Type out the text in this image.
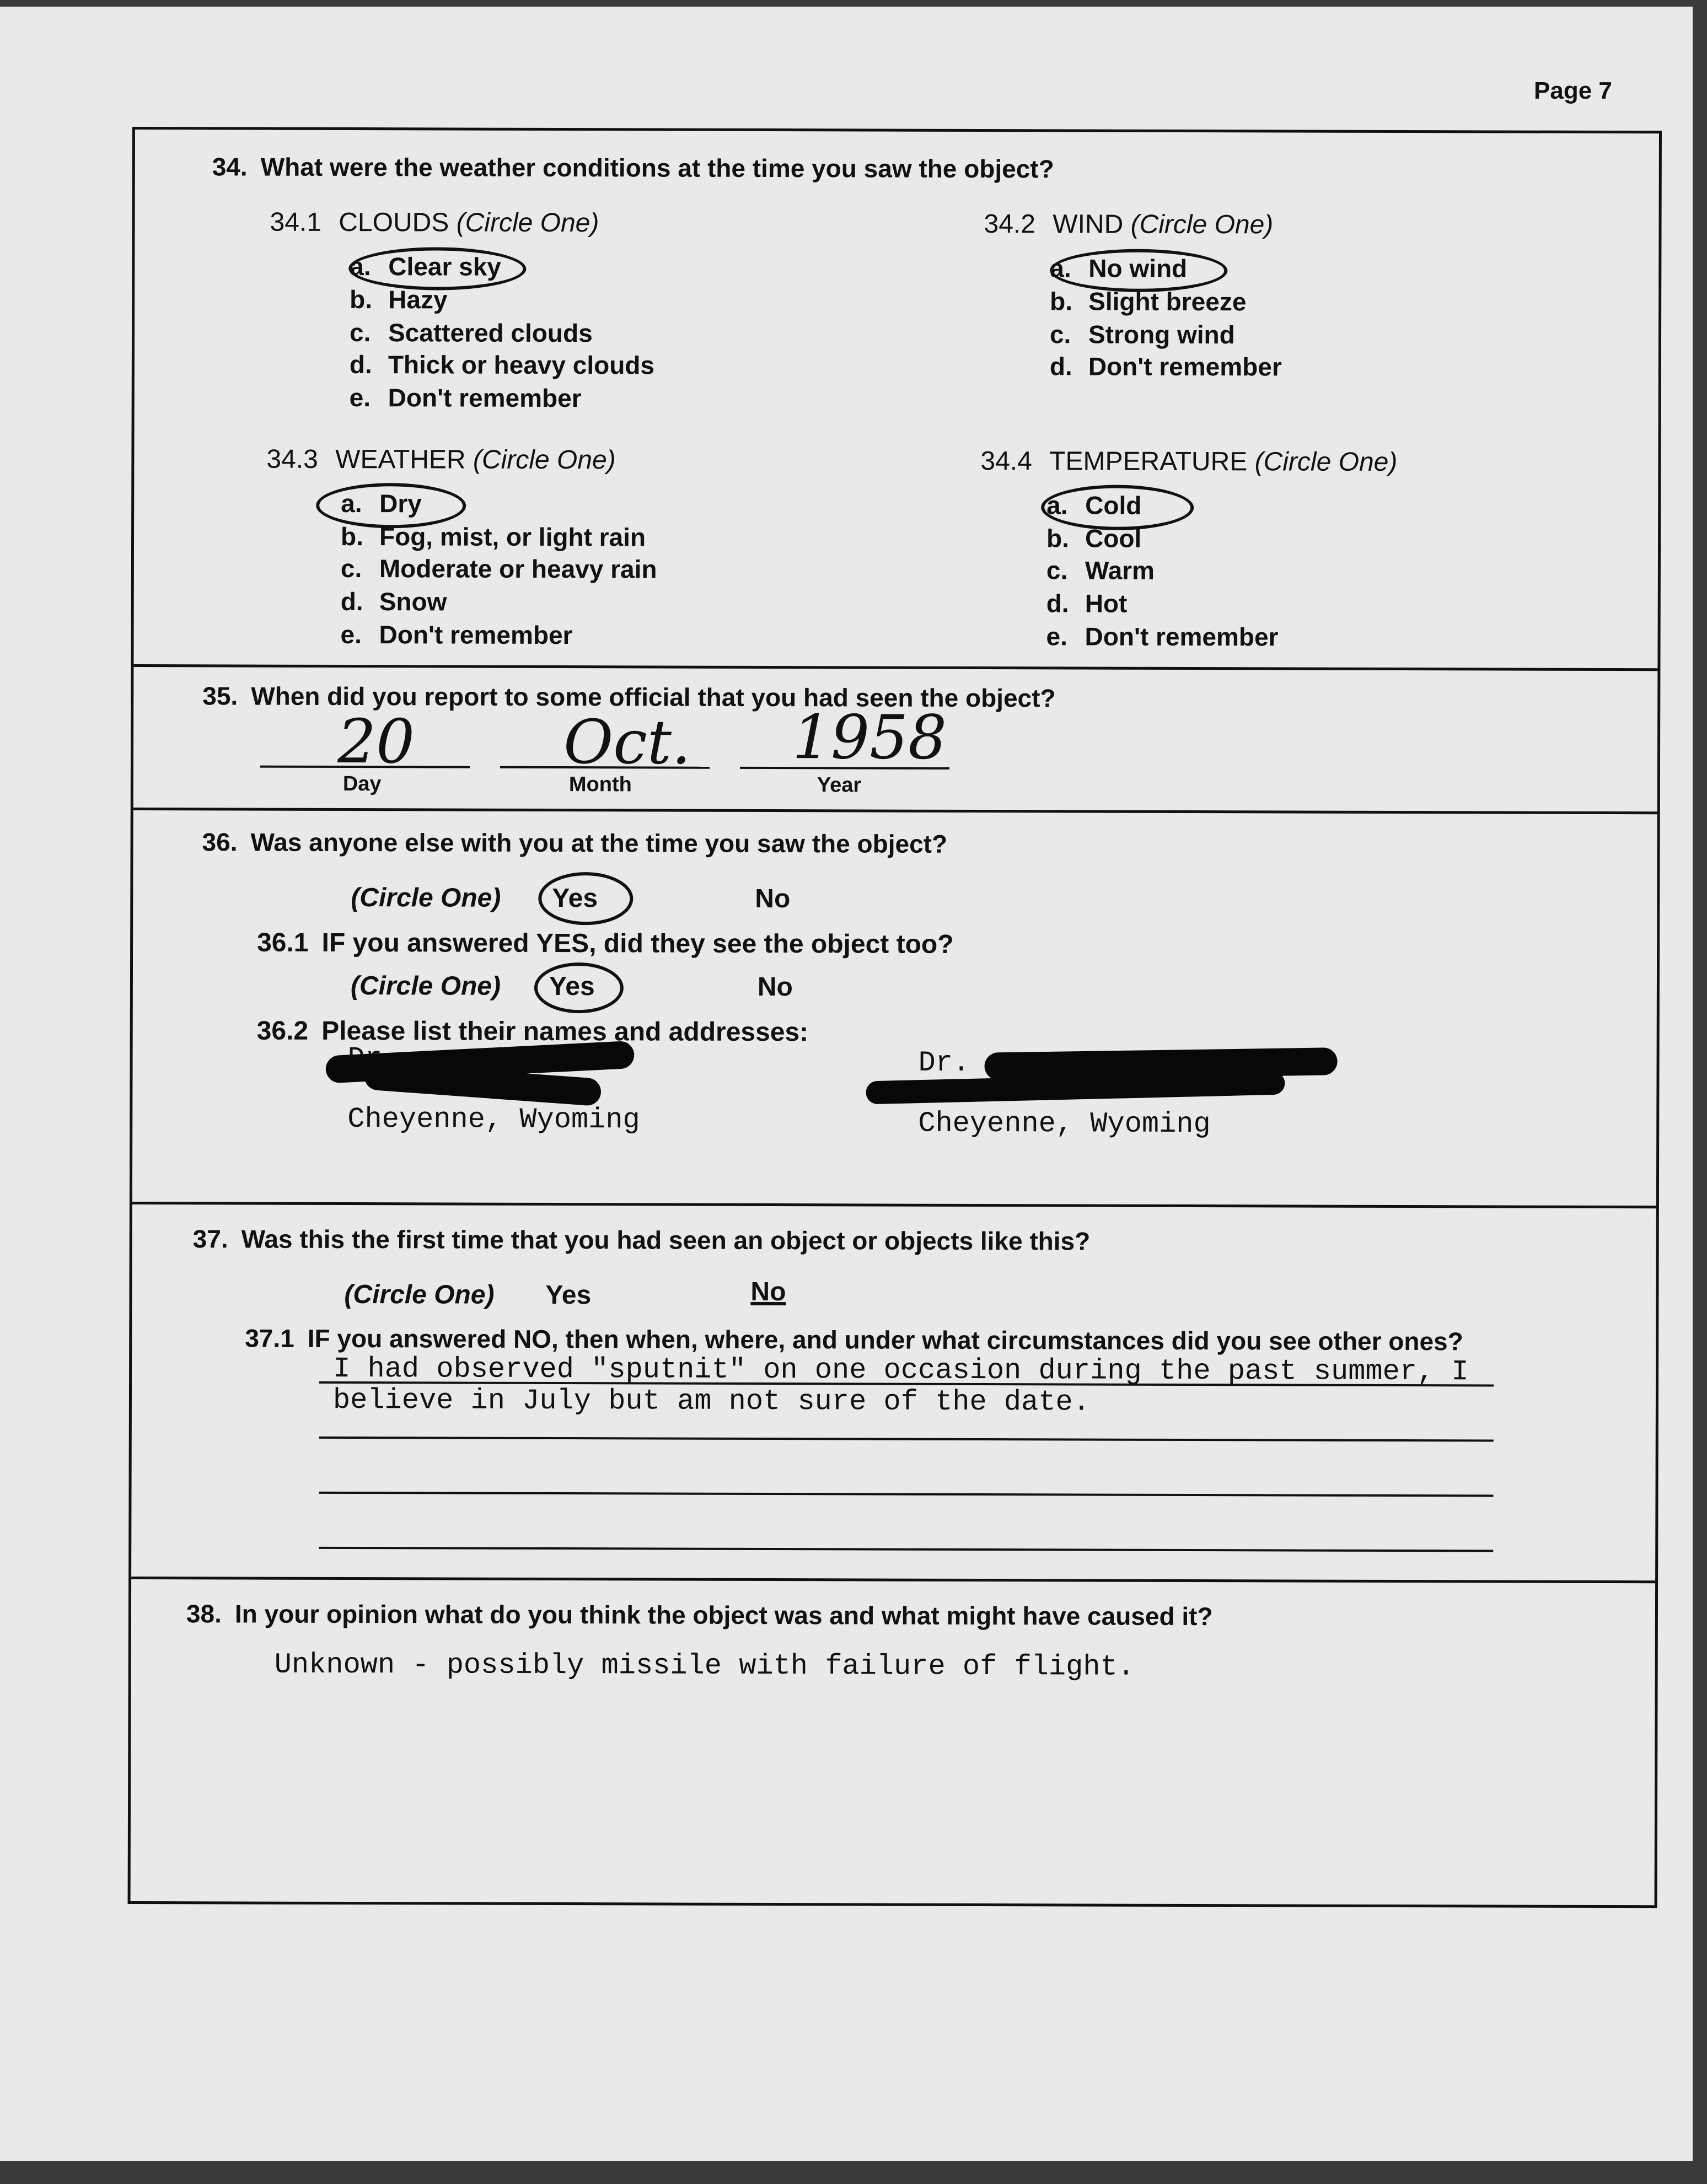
Page 7
34. What were the weather conditions at the time you saw the object?
34.1 CLOUDS (Circle One)
a. Clear sky
b. Hazy
c. Scattered clouds
d. Thick or heavy clouds
e. Don't remember
34.2 WIND (Circle One)
a. No wind
b. Slight breeze
c. Strong wind
d. Don't remember
34.3 WEATHER (Circle One)
a. Dry
b. Fog, mist, or light rain
c. Moderate or heavy rain
d. Snow
e. Don't remember
34.4 TEMPERATURE (Circle One)
a. Cold
b. Cool
c. Warm
d. Hot
e. Don't remember
35. When did you report to some official that you had seen the object?
20
Day
Oct.
Month
1958
Year
36. Was anyone else with you at the time you saw the object?
(Circle One) Yes	No
36.1 IF you answered YES, did they see the object too?
(Circle One) Yes	No
36.2 Please list their names and addresses:
Cheyenne, Wyoming
Dr.
Cheyenne, Wyoming
37. Was this the first time that you had seen an object or objects like this?
(Circle One) Yes	No
37.1 IF you answered NO, then when, where, and under what circumstances did you see other ones?
I had observed "sputnit" on one occasion during the past summer, I
believe in July but am not sure of the date.
38. In your opinion what do you think the object was and what might have caused it?
Unknown - possibly missile with failure of flight.
